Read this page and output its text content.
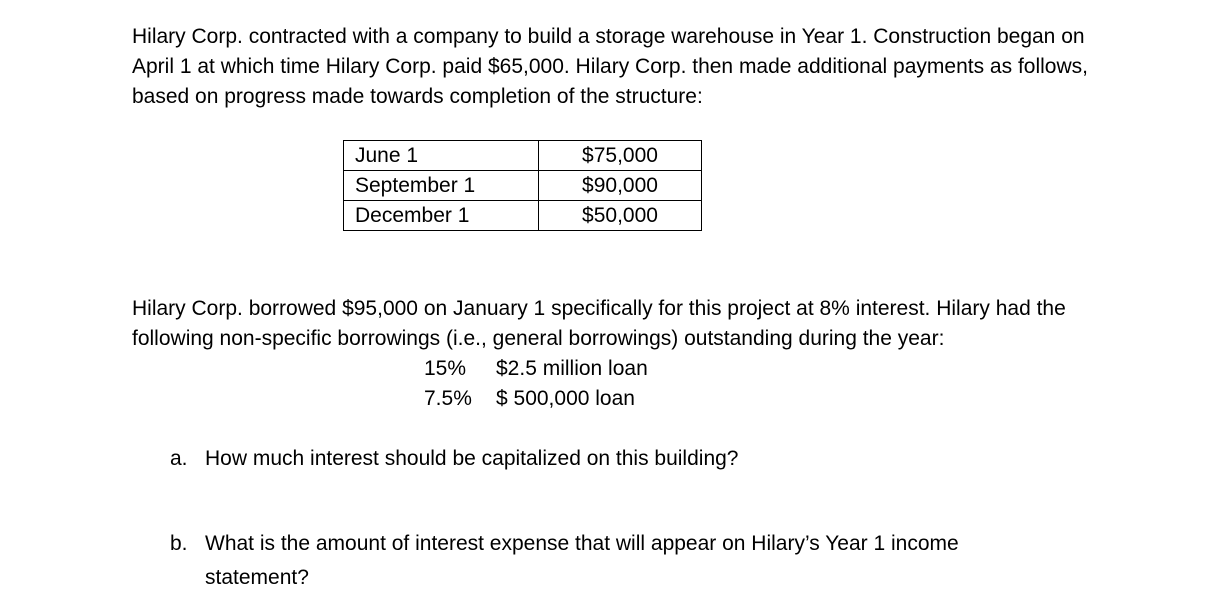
Hilary Corp. contracted with a company to build a storage warehouse in Year 1. Construction began on April 1 at which time Hilary Corp. paid $65,000. Hilary Corp. then made additional payments as follows, based on progress made towards completion of the structure:

June 1	$75,000
September 1	$90,000
December 1	$50,000

Hilary Corp. borrowed $95,000 on January 1 specifically for this project at 8% interest. Hilary had the following non-specific borrowings (i.e., general borrowings) outstanding during the year:

15% $2.5 million loan
7.5% $ 500,000 loan
a. How much interest should be capitalized on this building?
b. What is the amount of interest expense that will appear on Hilary’s Year 1 income statement?
